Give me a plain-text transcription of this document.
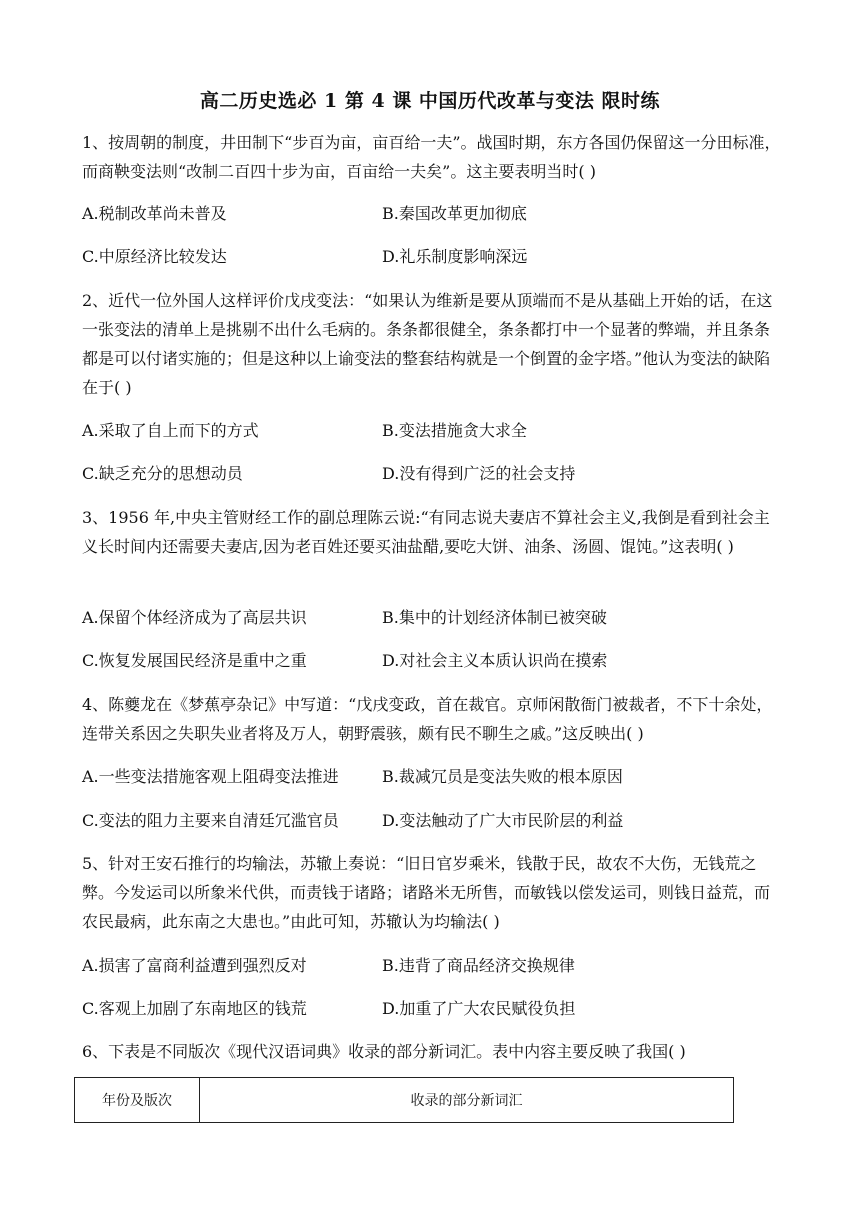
高二历史选必 1 第 4 课 中国历代改革与变法 限时练
1、按周朝的制度，井田制下“步百为亩，亩百给一夫”。战国时期，东方各国仍保留这一分田标准，而商鞅变法则“改制二百四十步为亩，百亩给一夫矣”。这主要表明当时( )
A.税制改革尚未普及	B.秦国改革更加彻底
C.中原经济比较发达	D.礼乐制度影响深远
2、近代一位外国人这样评价戊戌变法：“如果认为维新是要从顶端而不是从基础上开始的话，在这一张变法的清单上是挑剔不出什么毛病的。条条都很健全，条条都打中一个显著的弊端，并且条条都是可以付诸实施的；但是这种以上谕变法的整套结构就是一个倒置的金字塔。”他认为变法的缺陷在于( )
A.采取了自上而下的方式	B.变法措施贪大求全
C.缺乏充分的思想动员	D.没有得到广泛的社会支持
3、1956 年,中央主管财经工作的副总理陈云说:“有同志说夫妻店不算社会主义,我倒是看到社会主义长时间内还需要夫妻店,因为老百姓还要买油盐醋,要吃大饼、油条、汤圆、馄饨。”这表明( )
A.保留个体经济成为了高层共识	B.集中的计划经济体制已被突破
C.恢复发展国民经济是重中之重	D.对社会主义本质认识尚在摸索
4、陈夔龙在《梦蕉亭杂记》中写道：“戊戌变政，首在裁官。京师闲散衙门被裁者，不下十余处，连带关系因之失职失业者将及万人，朝野震骇，颇有民不聊生之戚。”这反映出( )
A.一些变法措施客观上阻碍变法推进	B.裁减冗员是变法失败的根本原因
C.变法的阻力主要来自清廷冗滥官员	D.变法触动了广大市民阶层的利益
5、针对王安石推行的均输法，苏辙上奏说：“旧日官岁乘米，钱散于民，故农不大伤，无钱荒之弊。今发运司以所象米代供，而责钱于诸路；诸路米无所售，而敏钱以偿发运司，则钱日益荒，而农民最病，此东南之大患也。”由此可知，苏辙认为均输法( )
A.损害了富商利益遭到强烈反对	B.违背了商品经济交换规律
C.客观上加剧了东南地区的钱荒	D.加重了广大农民赋役负担
6、下表是不同版次《现代汉语词典》收录的部分新词汇。表中内容主要反映了我国( )
年份及版次	收录的部分新词汇
